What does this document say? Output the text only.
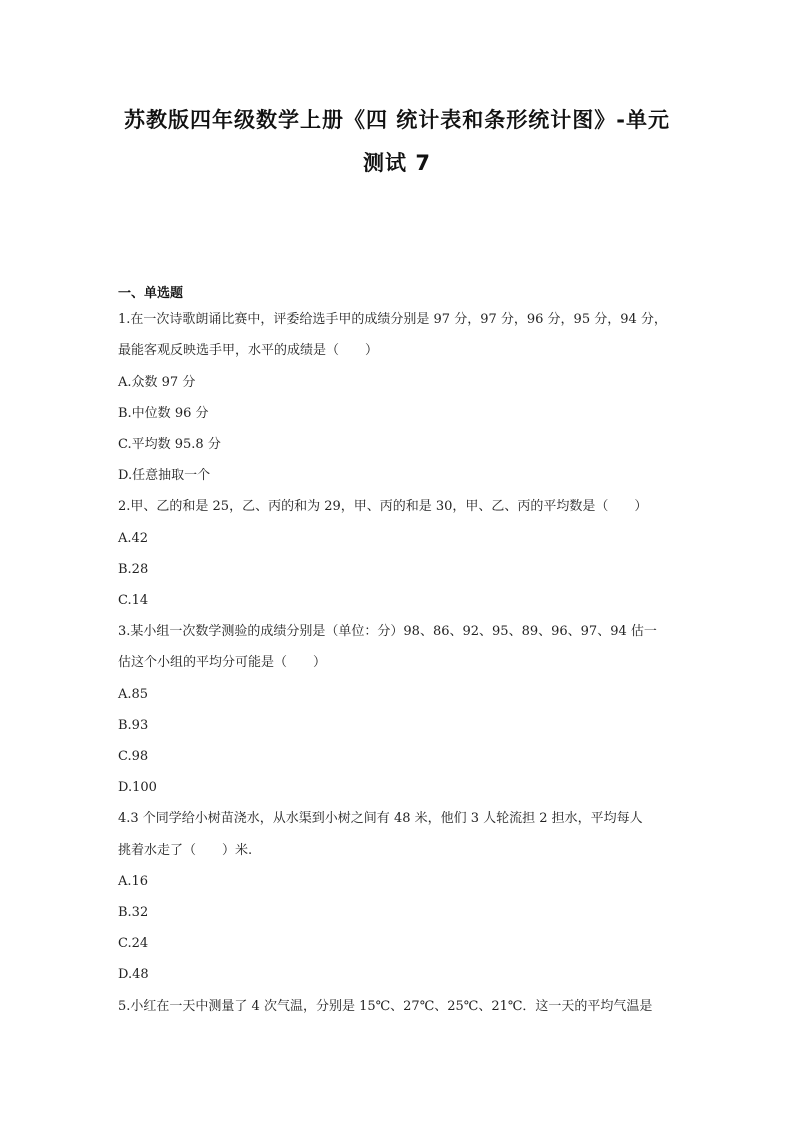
苏教版四年级数学上册《四 统计表和条形统计图》-单元
测试 7
一、单选题
1.在一次诗歌朗诵比赛中，评委给选手甲的成绩分别是 97 分，97 分，96 分，95 分，94 分，
最能客观反映选手甲，水平的成绩是（　　）
A.众数 97 分
B.中位数 96 分
C.平均数 95.8 分
D.任意抽取一个
2.甲、乙的和是 25，乙、丙的和为 29，甲、丙的和是 30，甲、乙、丙的平均数是（　　）
A.42
B.28
C.14
3.某小组一次数学测验的成绩分别是（单位：分）98、86、92、95、89、96、97、94 估一
估这个小组的平均分可能是（　　）
A.85
B.93
C.98
D.100
4.3 个同学给小树苗浇水，从水渠到小树之间有 48 米，他们 3 人轮流担 2 担水，平均每人
挑着水走了（　　）米.
A.16
B.32
C.24
D.48
5.小红在一天中测量了 4 次气温，分别是 15℃、27℃、25℃、21℃．这一天的平均气温是
